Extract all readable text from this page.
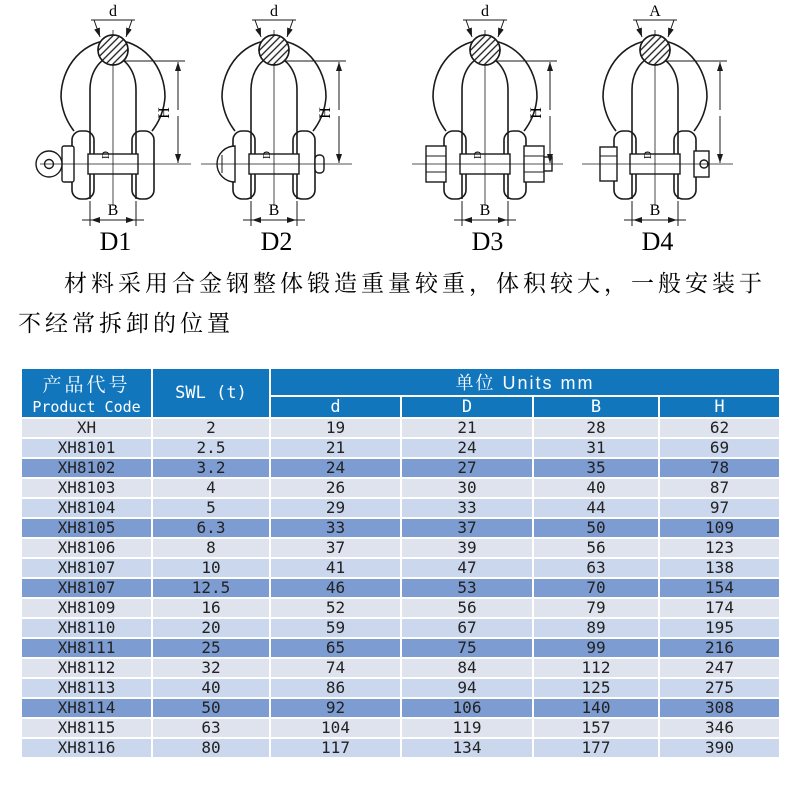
d
H
B
D
D1
d
H
B
D
D2
d
H
B
D
D3
A
B
D
D4

材料采用合金钢整体锻造重量较重，体积较大，一般安装于不经常拆卸的位置

产品代号
Product Code	SWL (t)	单位 Units mm			
		d	D	B	H
XH	2	19	21	28	62
XH8101	2.5	21	24	31	69
XH8102	3.2	24	27	35	78
XH8103	4	26	30	40	87
XH8104	5	29	33	44	97
XH8105	6.3	33	37	50	109
XH8106	8	37	39	56	123
XH8107	10	41	47	63	138
XH8107	12.5	46	53	70	154
XH8109	16	52	56	79	174
XH8110	20	59	67	89	195
XH8111	25	65	75	99	216
XH8112	32	74	84	112	247
XH8113	40	86	94	125	275
XH8114	50	92	106	140	308
XH8115	63	104	119	157	346
XH8116	80	117	134	177	390
